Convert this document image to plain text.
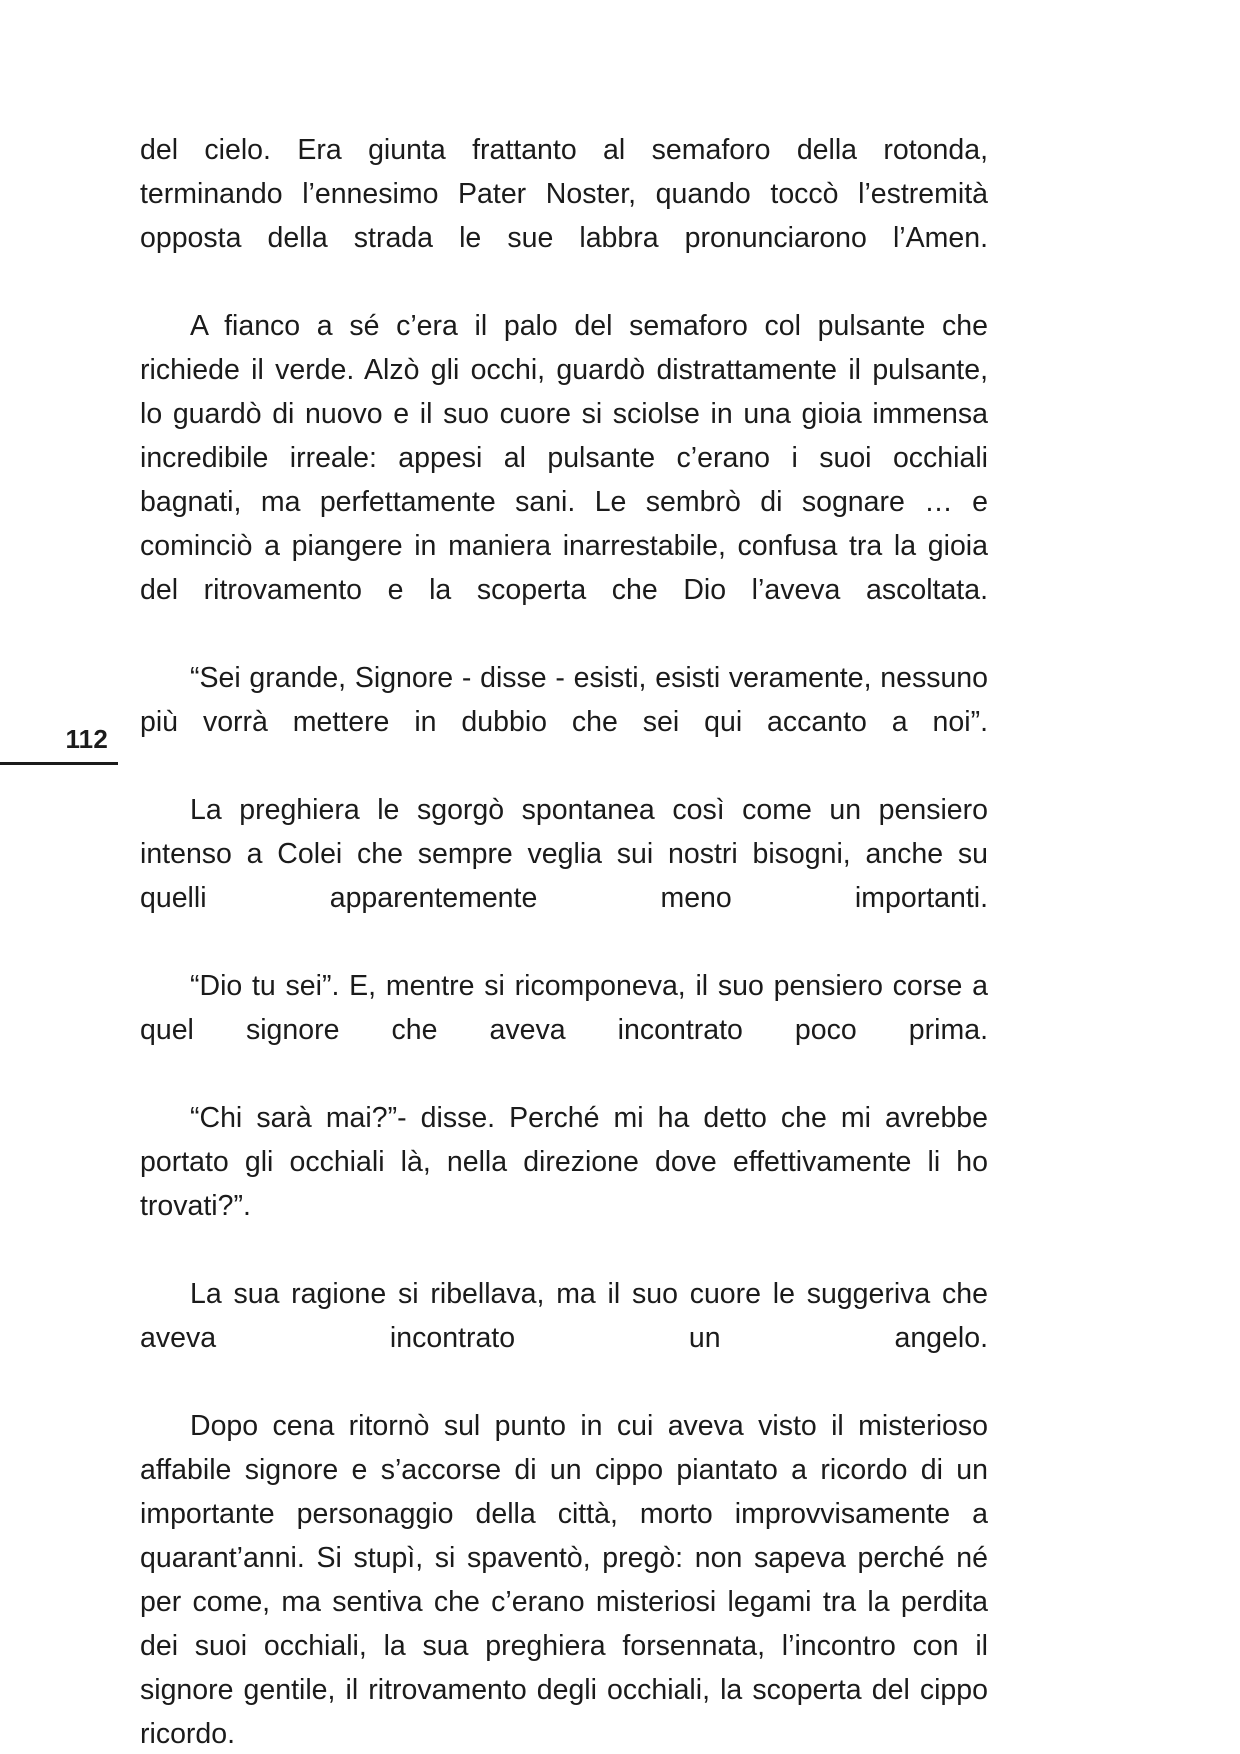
112

del cielo. Era giunta frattanto al semaforo della rotonda, terminando l’ennesimo Pater Noster, quando toccò l’estremità opposta della strada le sue labbra pronunciarono l’Amen.

A fianco a sé c’era il palo del semaforo col pulsante che richiede il verde. Alzò gli occhi, guardò distrattamente il pulsante, lo guardò di nuovo e il suo cuore si sciolse in una gioia immensa incredibile irreale: appesi al pulsante c’erano i suoi occhiali bagnati, ma perfettamente sani. Le sembrò di sognare … e cominciò a piangere in maniera inarrestabile, confusa tra la gioia del ritrovamento e la scoperta che Dio l’aveva ascoltata.

“Sei grande, Signore - disse - esisti, esisti veramente, nessuno più vorrà mettere in dubbio che sei qui accanto a noi”.

La preghiera le sgorgò spontanea così come un pensiero intenso a Colei che sempre veglia sui nostri bisogni, anche su quelli apparentemente meno importanti.

“Dio tu sei”. E, mentre si ricomponeva, il suo pensiero corse a quel signore che aveva incontrato poco prima.

“Chi sarà mai?”- disse. Perché mi ha detto che mi avrebbe portato gli occhiali là, nella direzione dove effettivamente li ho trovati?”.

La sua ragione si ribellava, ma il suo cuore le suggeriva che aveva incontrato un angelo.

Dopo cena ritornò sul punto in cui aveva visto il misterioso affabile signore e s’accorse di un cippo piantato a ricordo di un importante personaggio della città, morto improvvisamente a quarant’anni. Si stupì, si spaventò, pregò: non sapeva perché né per come, ma sentiva che c’erano misteriosi legami tra la perdita dei suoi occhiali, la sua preghiera forsennata, l’incontro con il signore gentile, il ritrovamento degli occhiali, la scoperta del cippo ricordo.
